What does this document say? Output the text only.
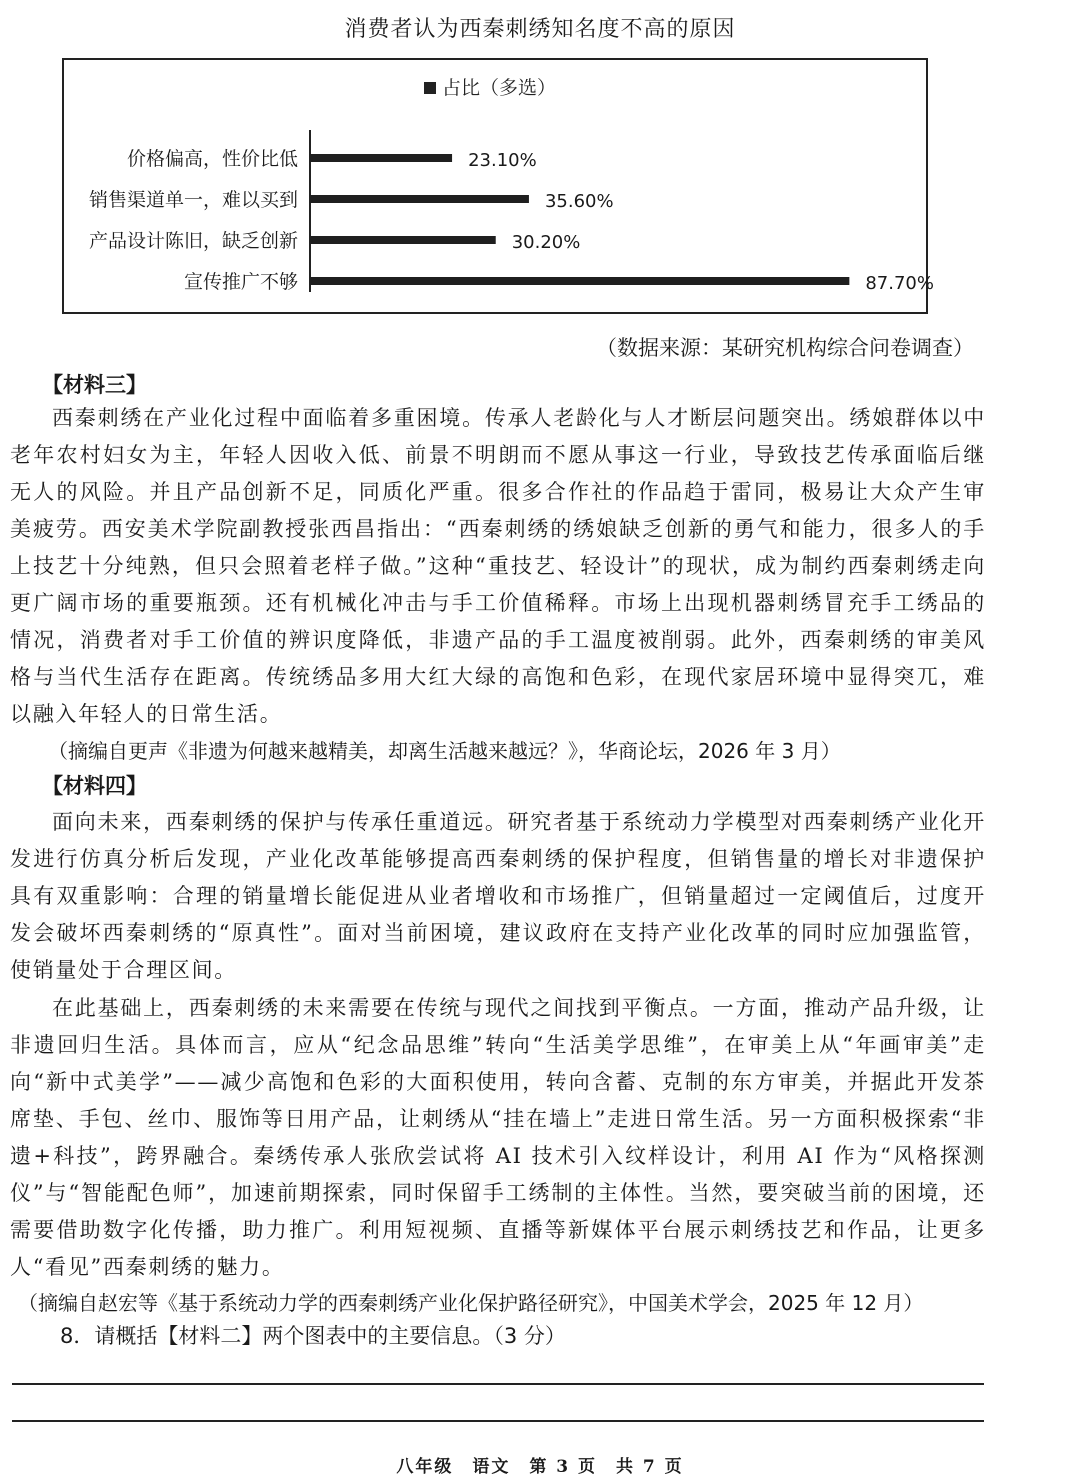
消费者认为西秦刺绣知名度不高的原因
占比（多选）
价格偏高，性价比低	23.10%
销售渠道单一，难以买到	35.60%
产品设计陈旧，缺乏创新	30.20%
宣传推广不够	87.70%
（数据来源：某研究机构综合问卷调查）
【材料三】

西秦刺绣在产业化过程中面临着多重困境。传承人老龄化与人才断层问题突出。绣娘群体以中老年农村妇女为主，年轻人因收入低、前景不明朗而不愿从事这一行业，导致技艺传承面临后继无人的风险。并且产品创新不足，同质化严重。很多合作社的作品趋于雷同，极易让大众产生审美疲劳。西安美术学院副教授张西昌指出：“西秦刺绣的绣娘缺乏创新的勇气和能力，很多人的手上技艺十分纯熟，但只会照着老样子做。”这种“重技艺、轻设计”的现状，成为制约西秦刺绣走向更广阔市场的重要瓶颈。还有机械化冲击与手工价值稀释。市场上出现机器刺绣冒充手工绣品的情况，消费者对手工价值的辨识度降低，非遗产品的手工温度被削弱。此外，西秦刺绣的审美风格与当代生活存在距离。传统绣品多用大红大绿的高饱和色彩，在现代家居环境中显得突兀，难以融入年轻人的日常生活。

（摘编自更声《非遗为何越来越精美，却离生活越来越远？》，华商论坛，2026 年 3 月）
【材料四】

面向未来，西秦刺绣的保护与传承任重道远。研究者基于系统动力学模型对西秦刺绣产业化开发进行仿真分析后发现，产业化改革能够提高西秦刺绣的保护程度，但销售量的增长对非遗保护具有双重影响：合理的销量增长能促进从业者增收和市场推广，但销量超过一定阈值后，过度开发会破坏西秦刺绣的“原真性”。面对当前困境，建议政府在支持产业化改革的同时应加强监管，使销量处于合理区间。

在此基础上，西秦刺绣的未来需要在传统与现代之间找到平衡点。一方面，推动产品升级，让非遗回归生活。具体而言，应从“纪念品思维”转向“生活美学思维”，在审美上从“年画审美”走向“新中式美学”——减少高饱和色彩的大面积使用，转向含蓄、克制的东方审美，并据此开发茶席垫、手包、丝巾、服饰等日用产品，让刺绣从“挂在墙上”走进日常生活。另一方面积极探索“非遗+科技”，跨界融合。秦绣传承人张欣尝试将 AI 技术引入纹样设计，利用 AI 作为“风格探测仪”与“智能配色师”，加速前期探索，同时保留手工绣制的主体性。当然，要突破当前的困境，还需要借助数字化传播，助力推广。利用短视频、直播等新媒体平台展示刺绣技艺和作品，让更多人“看见”西秦刺绣的魅力。

（摘编自赵宏等《基于系统动力学的西秦刺绣产业化保护路径研究》，中国美术学会，2025 年 12 月）
8．请概括【材料二】两个图表中的主要信息。（3 分）
八年级　语文　第 3 页　共 7 页
